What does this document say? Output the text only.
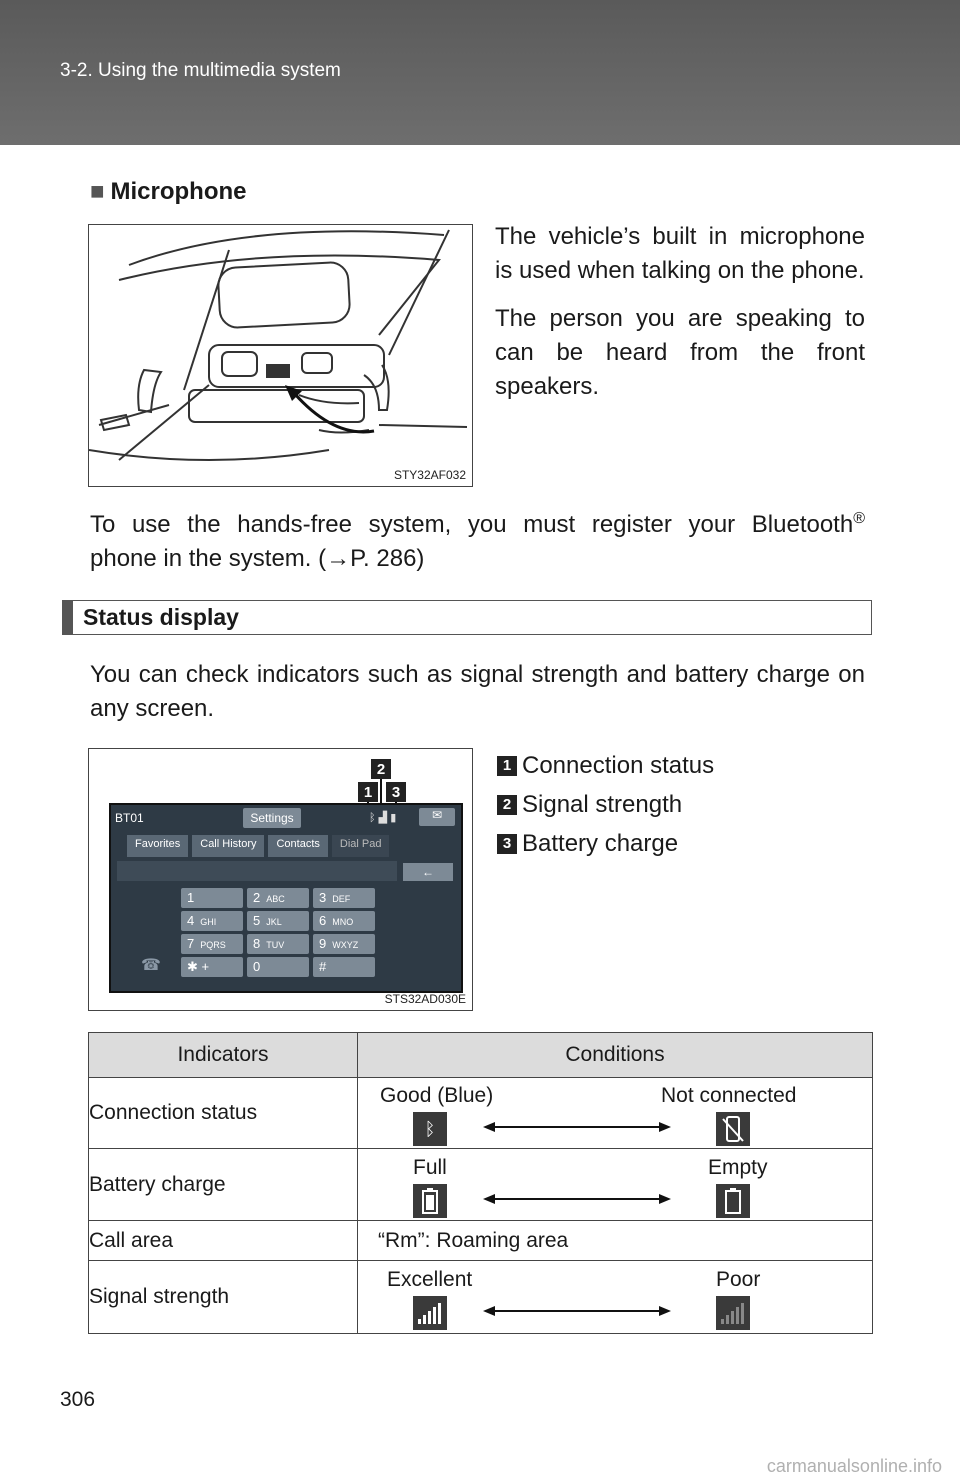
3-2. Using the multimedia system
■ Microphone
STY32AF032

The vehicle’s built in microphone is used when talking on the phone.

The person you are speaking to can be heard from the front speakers.

To use the hands-free system, you must register your Bluetooth®

phone in the system. (→P. 286)

Status display

You can check indicators such as signal strength and battery charge on any screen.

2
1	3
BT01	Settings	ᛒ ▟ ▮	✉
Favorites	Call History	Contacts	Dial Pad
←
1	2 ABC	3 DEF
4 GHI	5 JKL	6 MNO
7 PQRS	8 TUV	9 WXYZ
✱ +	0	#
☎
STS32AD030E
1 Connection status
2 Signal strength
3 Battery charge
Indicators	Conditions
Connection status	Good (Blue) Not connected
ᛒ

Battery charge	Full Empty

Call area	“Rm”: Roaming area
Signal strength	Excellent Poor
306
carmanualsonline.info
